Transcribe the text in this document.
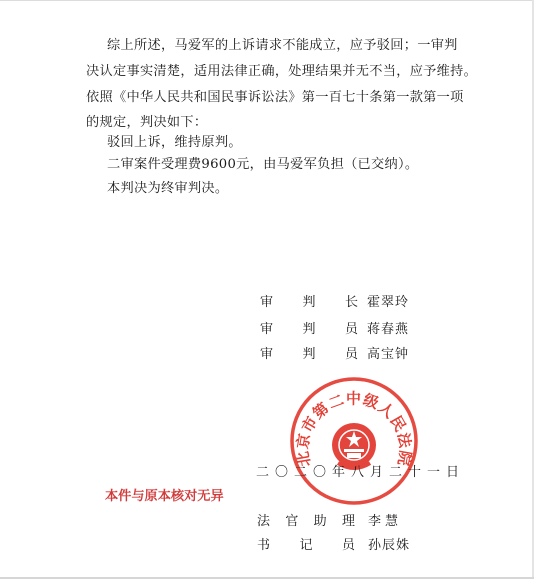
综上所述，马爱军的上诉请求不能成立，应予驳回；一审判
决认定事实清楚，适用法律正确，处理结果并无不当，应予维持。
依照《中华人民共和国民事诉讼法》第一百七十条第一款第一项
的规定，判决如下：
驳回上诉，维持原判。
二审案件受理费9600元，由马爱军负担（已交纳）。
本判决为终审判决。
审 判 长 霍翠玲
审 判 员 蒋春燕
审 判 员 高宝钟
北京市第二中级人民法院
二〇二〇年八月二十一日
本件与原本核对无异
法 官 助 理 李慧
书 记 员 孙辰姝
